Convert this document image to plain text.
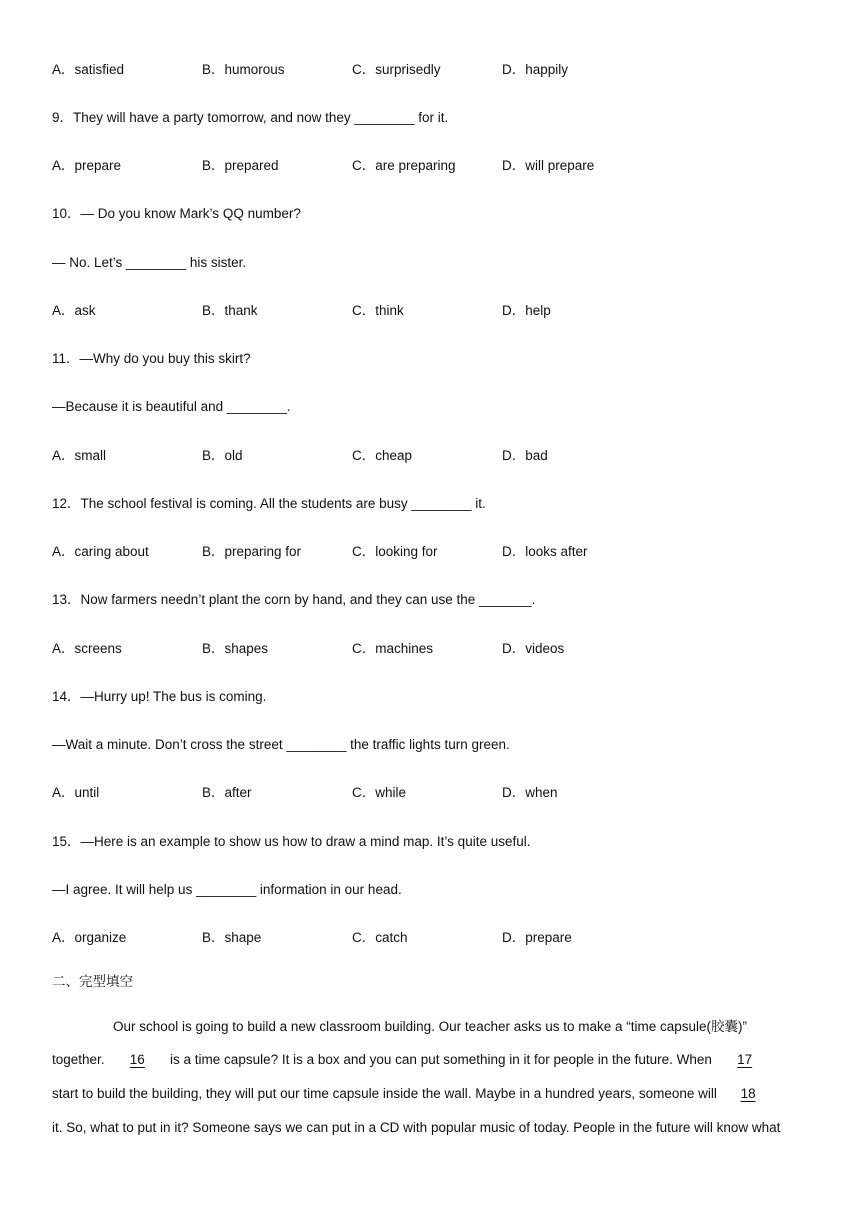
A．satisfied	B．humorous	C．surprisedly	D．happily
9．They will have a party tomorrow, and now they ________ for it.
A．prepare	B．prepared	C．are preparing	D．will prepare
10．— Do you know Mark’s QQ number?
— No. Let’s ________ his sister.
A．ask	B．thank	C．think	D．help
11．—Why do you buy this skirt?
—Because it is beautiful and ________.
A．small	B．old	C．cheap	D．bad
12．The school festival is coming. All the students are busy ________ it.
A．caring about	B．preparing for	C．looking for	D．looks after
13．Now farmers needn’t plant the corn by hand, and they can use the _______.
A．screens	B．shapes	C．machines	D．videos
14．—Hurry up! The bus is coming.
—Wait a minute. Don’t cross the street ________ the traffic lights turn green.
A．until	B．after	C．while	D．when
15．—Here is an example to show us how to draw a mind map. It’s quite useful.
—I agree. It will help us ________ information in our head.
A．organize	B．shape	C．catch	D．prepare
二、完型填空
Our school is going to build a new classroom building. Our teacher asks us to make a “time capsule(胶囊)”
together. 16 is a time capsule? It is a box and you can put something in it for people in the future. When 17
start to build the building, they will put our time capsule inside the wall. Maybe in a hundred years, someone will 18
it. So, what to put in it? Someone says we can put in a CD with popular music of today. People in the future will know what
